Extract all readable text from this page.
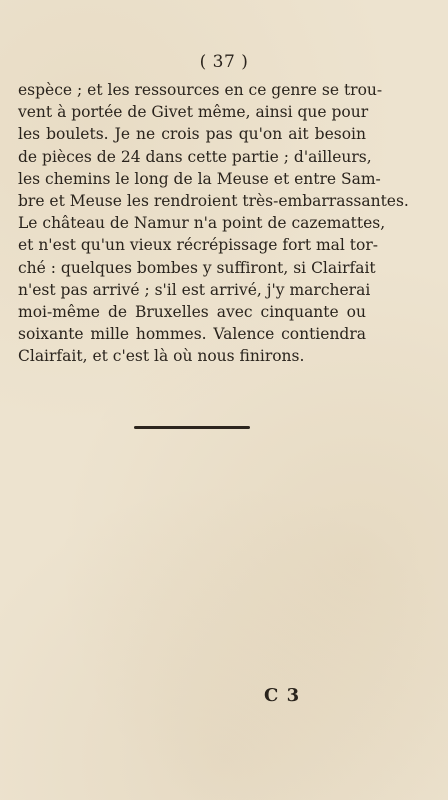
( 37 )
espèce ; et les ressources en ce genre se trou-
vent à portée de Givet même, ainsi que pour
les boulets. Je ne crois pas qu'on ait besoin
de pièces de 24 dans cette partie ; d'ailleurs,
les chemins le long de la Meuse et entre Sam-
bre et Meuse les rendroient très-embarrassantes.
Le château de Namur n'a point de cazemattes,
et n'est qu'un vieux récrépissage fort mal tor-
ché : quelques bombes y suffiront, si Clairfait
n'est pas arrivé ; s'il est arrivé, j'y marcherai
moi-même de Bruxelles avec cinquante ou
soixante mille hommes. Valence contiendra
Clairfait, et c'est là où nous finirons.
C 3
